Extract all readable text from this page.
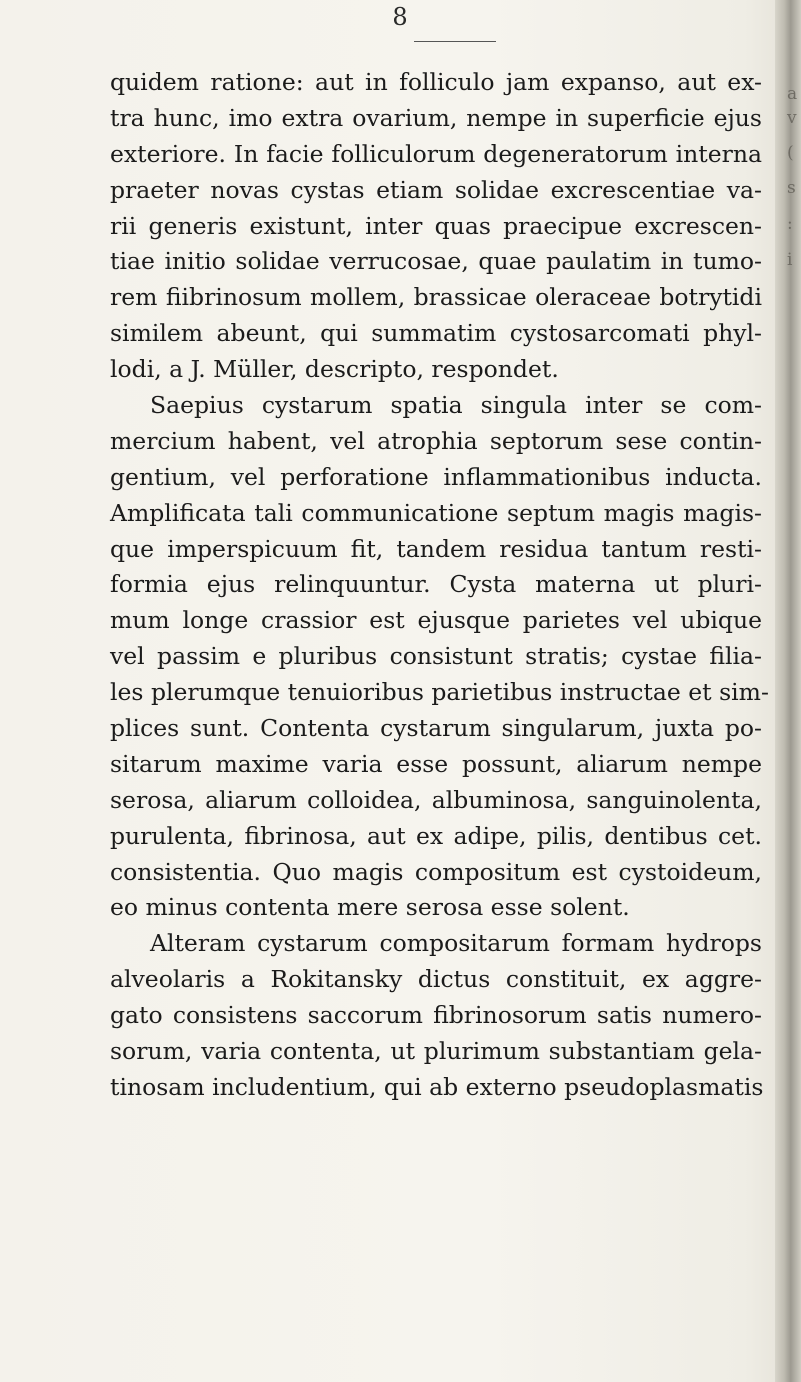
8
quidem ratione: aut in folliculo jam expanso, aut ex-
tra hunc, imo extra ovarium, nempe in superficie ejus
exteriore. In facie folliculorum degeneratorum interna
praeter novas cystas etiam solidae excrescentiae va-
rii generis existunt, inter quas praecipue excrescen-
tiae initio solidae verrucosae, quae paulatim in tumo-
rem fiibrinosum mollem, brassicae oleraceae botrytidi
similem abeunt, qui summatim cystosarcomati phyl-
lodi, a J. Müller, descripto, respondet.
Saepius cystarum spatia singula inter se com-
mercium habent, vel atrophia septorum sese contin-
gentium, vel perforatione inflammationibus inducta.
Amplificata tali communicatione septum magis magis-
que imperspicuum fit, tandem residua tantum resti-
formia ejus relinquuntur. Cysta materna ut pluri-
mum longe crassior est ejusque parietes vel ubique
vel passim e pluribus consistunt stratis; cystae filia-
les plerumque tenuioribus parietibus instructae et sim-
plices sunt. Contenta cystarum singularum, juxta po-
sitarum maxime varia esse possunt, aliarum nempe
serosa, aliarum colloidea, albuminosa, sanguinolenta,
purulenta, fibrinosa, aut ex adipe, pilis, dentibus cet.
consistentia. Quo magis compositum est cystoideum,
eo minus contenta mere serosa esse solent.
Alteram cystarum compositarum formam hydrops
alveolaris a Rokitansky dictus constituit, ex aggre-
gato consistens saccorum fibrinosorum satis numero-
sorum, varia contenta, ut plurimum substantiam gela-
tinosam includentium, qui ab externo pseudoplasmatis
a
v
(
s
:
i
